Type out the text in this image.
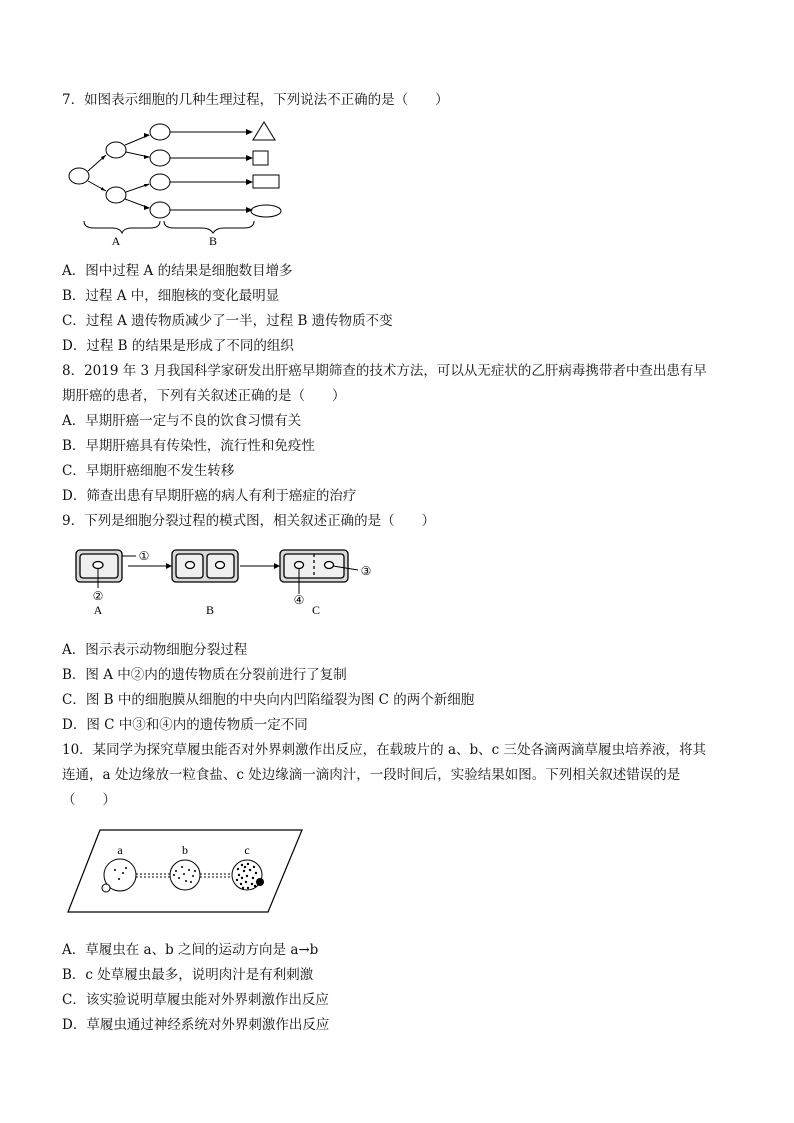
7．如图表示细胞的几种生理过程，下列说法不正确的是（　　）
A	B
A．图中过程 A 的结果是细胞数目增多
B．过程 A 中，细胞核的变化最明显
C．过程 A 遗传物质减少了一半，过程 B 遗传物质不变
D．过程 B 的结果是形成了不同的组织
8．2019 年 3 月我国科学家研发出肝癌早期筛查的技术方法，可以从无症状的乙肝病毒携带者中查出患有早
期肝癌的患者，下列有关叙述正确的是（　　）
A．早期肝癌一定与不良的饮食习惯有关
B．早期肝癌具有传染性，流行性和免疫性
C．早期肝癌细胞不发生转移
D．筛查出患有早期肝癌的病人有利于癌症的治疗
9．下列是细胞分裂过程的模式图，相关叙述正确的是（　　）
①
②
③
④
A	B	C
A．图示表示动物细胞分裂过程
B．图 A 中②内的遗传物质在分裂前进行了复制
C．图 B 中的细胞膜从细胞的中央向内凹陷缢裂为图 C 的两个新细胞
D．图 C 中③和④内的遗传物质一定不同
10．某同学为探究草履虫能否对外界刺激作出反应，在载玻片的 a、b、c 三处各滴两滴草履虫培养液，将其
连通，a 处边缘放一粒食盐、c 处边缘滴一滴肉汁，一段时间后，实验结果如图。下列相关叙述错误的是
（　　）
a	b	c
A．草履虫在 a、b 之间的运动方向是 a→b
B．c 处草履虫最多，说明肉汁是有利刺激
C．该实验说明草履虫能对外界刺激作出反应
D．草履虫通过神经系统对外界刺激作出反应
